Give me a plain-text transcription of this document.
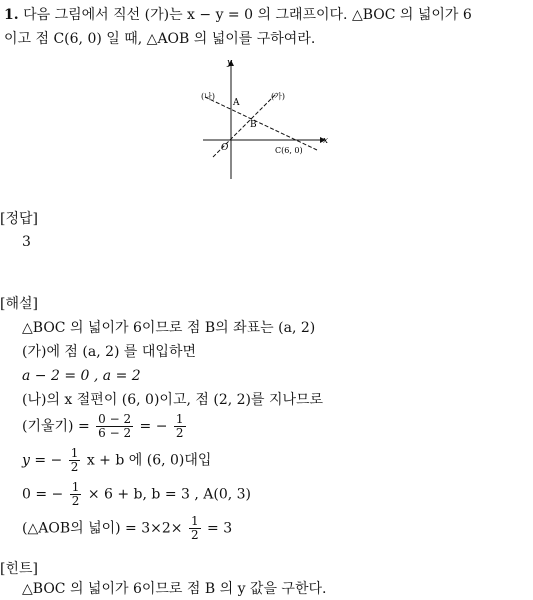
1. 다음 그림에서 직선 (가)는 x − y = 0 의 그래프이다. △BOC 의 넓이가 6
이고 점 C(6, 0) 일 때, △AOB 의 넓이를 구하여라.
y
x
(나)	(가)
A
B
O	C(6, 0)
[정답]
3
[해설]
△BOC 의 넓이가 6이므로 점 B의 좌표는 (a, 2)
(가)에 점 (a, 2) 를 대입하면
a − 2 = 0 , a = 2
(나)의 x 절편이 (6, 0)이고, 점 (2, 2)를 지나므로
(기울기) = $\frac{0 - 2}{6 - 2}$ = − $\frac{1}{2}$
y = − $\frac{1}{2}$ x + b 에 (6, 0)대입
0 = − $\frac{1}{2} \times 6 + b$, b = 3 , A(0, 3)
(△AOB의 넓이) = $3\times 2\times \frac{1}{2} = 3$
[힌트]
△BOC 의 넓이가 6이므로 점 B 의 y 값을 구한다.
